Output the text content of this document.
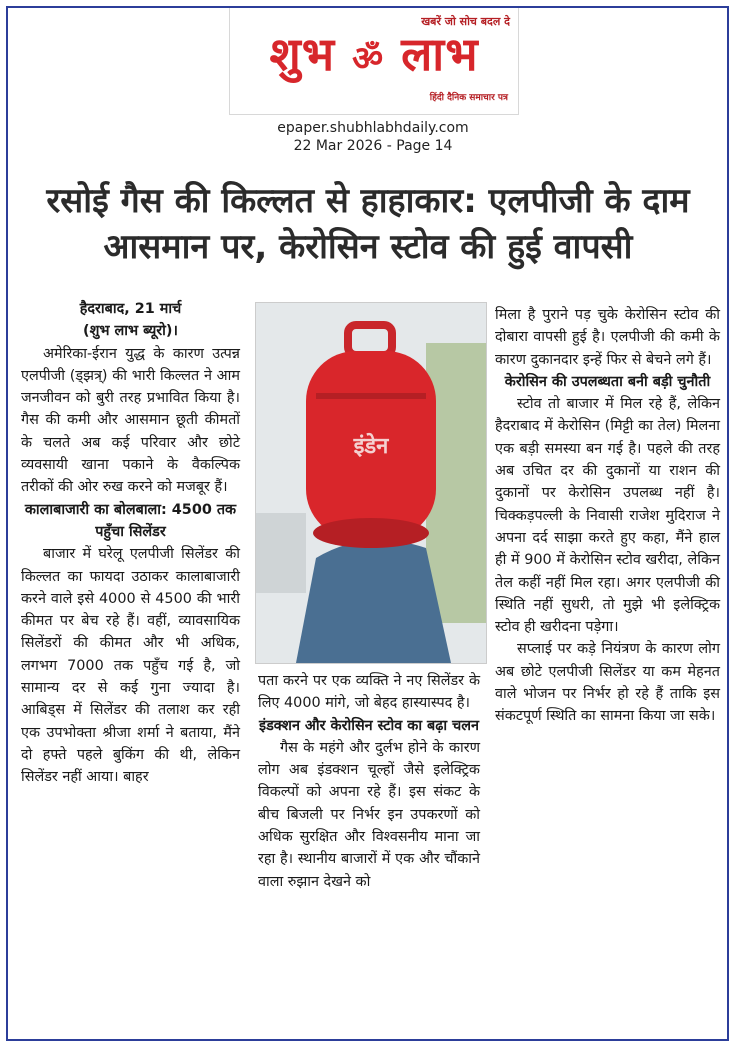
खबरें जो सोच बदल दे
शुभ ॐ लाभ
हिंदी दैनिक समाचार पत्र
epaper.shubhlabhdaily.com
22 Mar 2026 - Page 14
रसोई गैस की किल्लत से हाहाकार: एलपीजी के दाम आसमान पर, केरोसिन स्टोव की हुई वापसी

हैदराबाद, 21 मार्च

(शुभ लाभ ब्यूरो)।

अमेरिका-ईरान युद्ध के कारण उत्पन्न एलपीजी (ड्झत्र्) की भारी किल्लत ने आम जनजीवन को बुरी तरह प्रभावित किया है। गैस की कमी और आसमान छूती कीमतों के चलते अब कई परिवार और छोटे व्यवसायी खाना पकाने के वैकल्पिक तरीकों की ओर रुख करने को मजबूर हैं।

कालाबाजारी का बोलबाला: 4500 तक पहुँचा सिलेंडर

बाजार में घरेलू एलपीजी सिलेंडर की किल्लत का फायदा उठाकर कालाबाजारी करने वाले इसे 4000 से 4500 की भारी कीमत पर बेच रहे हैं। वहीं, व्यावसायिक सिलेंडरों की कीमत और भी अधिक, लगभग 7000 तक पहुँच गई है, जो सामान्य दर से कई गुना ज्यादा है। आबिड्स में सिलेंडर की तलाश कर रही एक उपभोक्ता श्रीजा शर्मा ने बताया, मैंने दो हफ्ते पहले बुकिंग की थी, लेकिन सिलेंडर नहीं आया। बाहर

इंडेन

पता करने पर एक व्यक्ति ने नए सिलेंडर के लिए 4000 मांगे, जो बेहद हास्यास्पद है।

इंडक्शन और केरोसिन स्टोव का बढ़ा चलन

गैस के महंगे और दुर्लभ होने के कारण लोग अब इंडक्शन चूल्हों जैसे इलेक्ट्रिक विकल्पों को अपना रहे हैं। इस संकट के बीच बिजली पर निर्भर इन उपकरणों को अधिक सुरक्षित और विश्वसनीय माना जा रहा है। स्थानीय बाजारों में एक और चौंकाने वाला रुझान देखने को

मिला है पुराने पड़ चुके केरोसिन स्टोव की दोबारा वापसी हुई है। एलपीजी की कमी के कारण दुकानदार इन्हें फिर से बेचने लगे हैं।

केरोसिन की उपलब्धता बनी बड़ी चुनौती

स्टोव तो बाजार में मिल रहे हैं, लेकिन हैदराबाद में केरोसिन (मिट्टी का तेल) मिलना एक बड़ी समस्या बन गई है। पहले की तरह अब उचित दर की दुकानों या राशन की दुकानों पर केरोसिन उपलब्ध नहीं है। चिक्कड़पल्ली के निवासी राजेश मुदिराज ने अपना दर्द साझा करते हुए कहा, मैंने हाल ही में 900 में केरोसिन स्टोव खरीदा, लेकिन तेल कहीं नहीं मिल रहा। अगर एलपीजी की स्थिति नहीं सुधरी, तो मुझे भी इलेक्ट्रिक स्टोव ही खरीदना पड़ेगा।

सप्लाई पर कड़े नियंत्रण के कारण लोग अब छोटे एलपीजी सिलेंडर या कम मेहनत वाले भोजन पर निर्भर हो रहे हैं ताकि इस संकटपूर्ण स्थिति का सामना किया जा सके।
